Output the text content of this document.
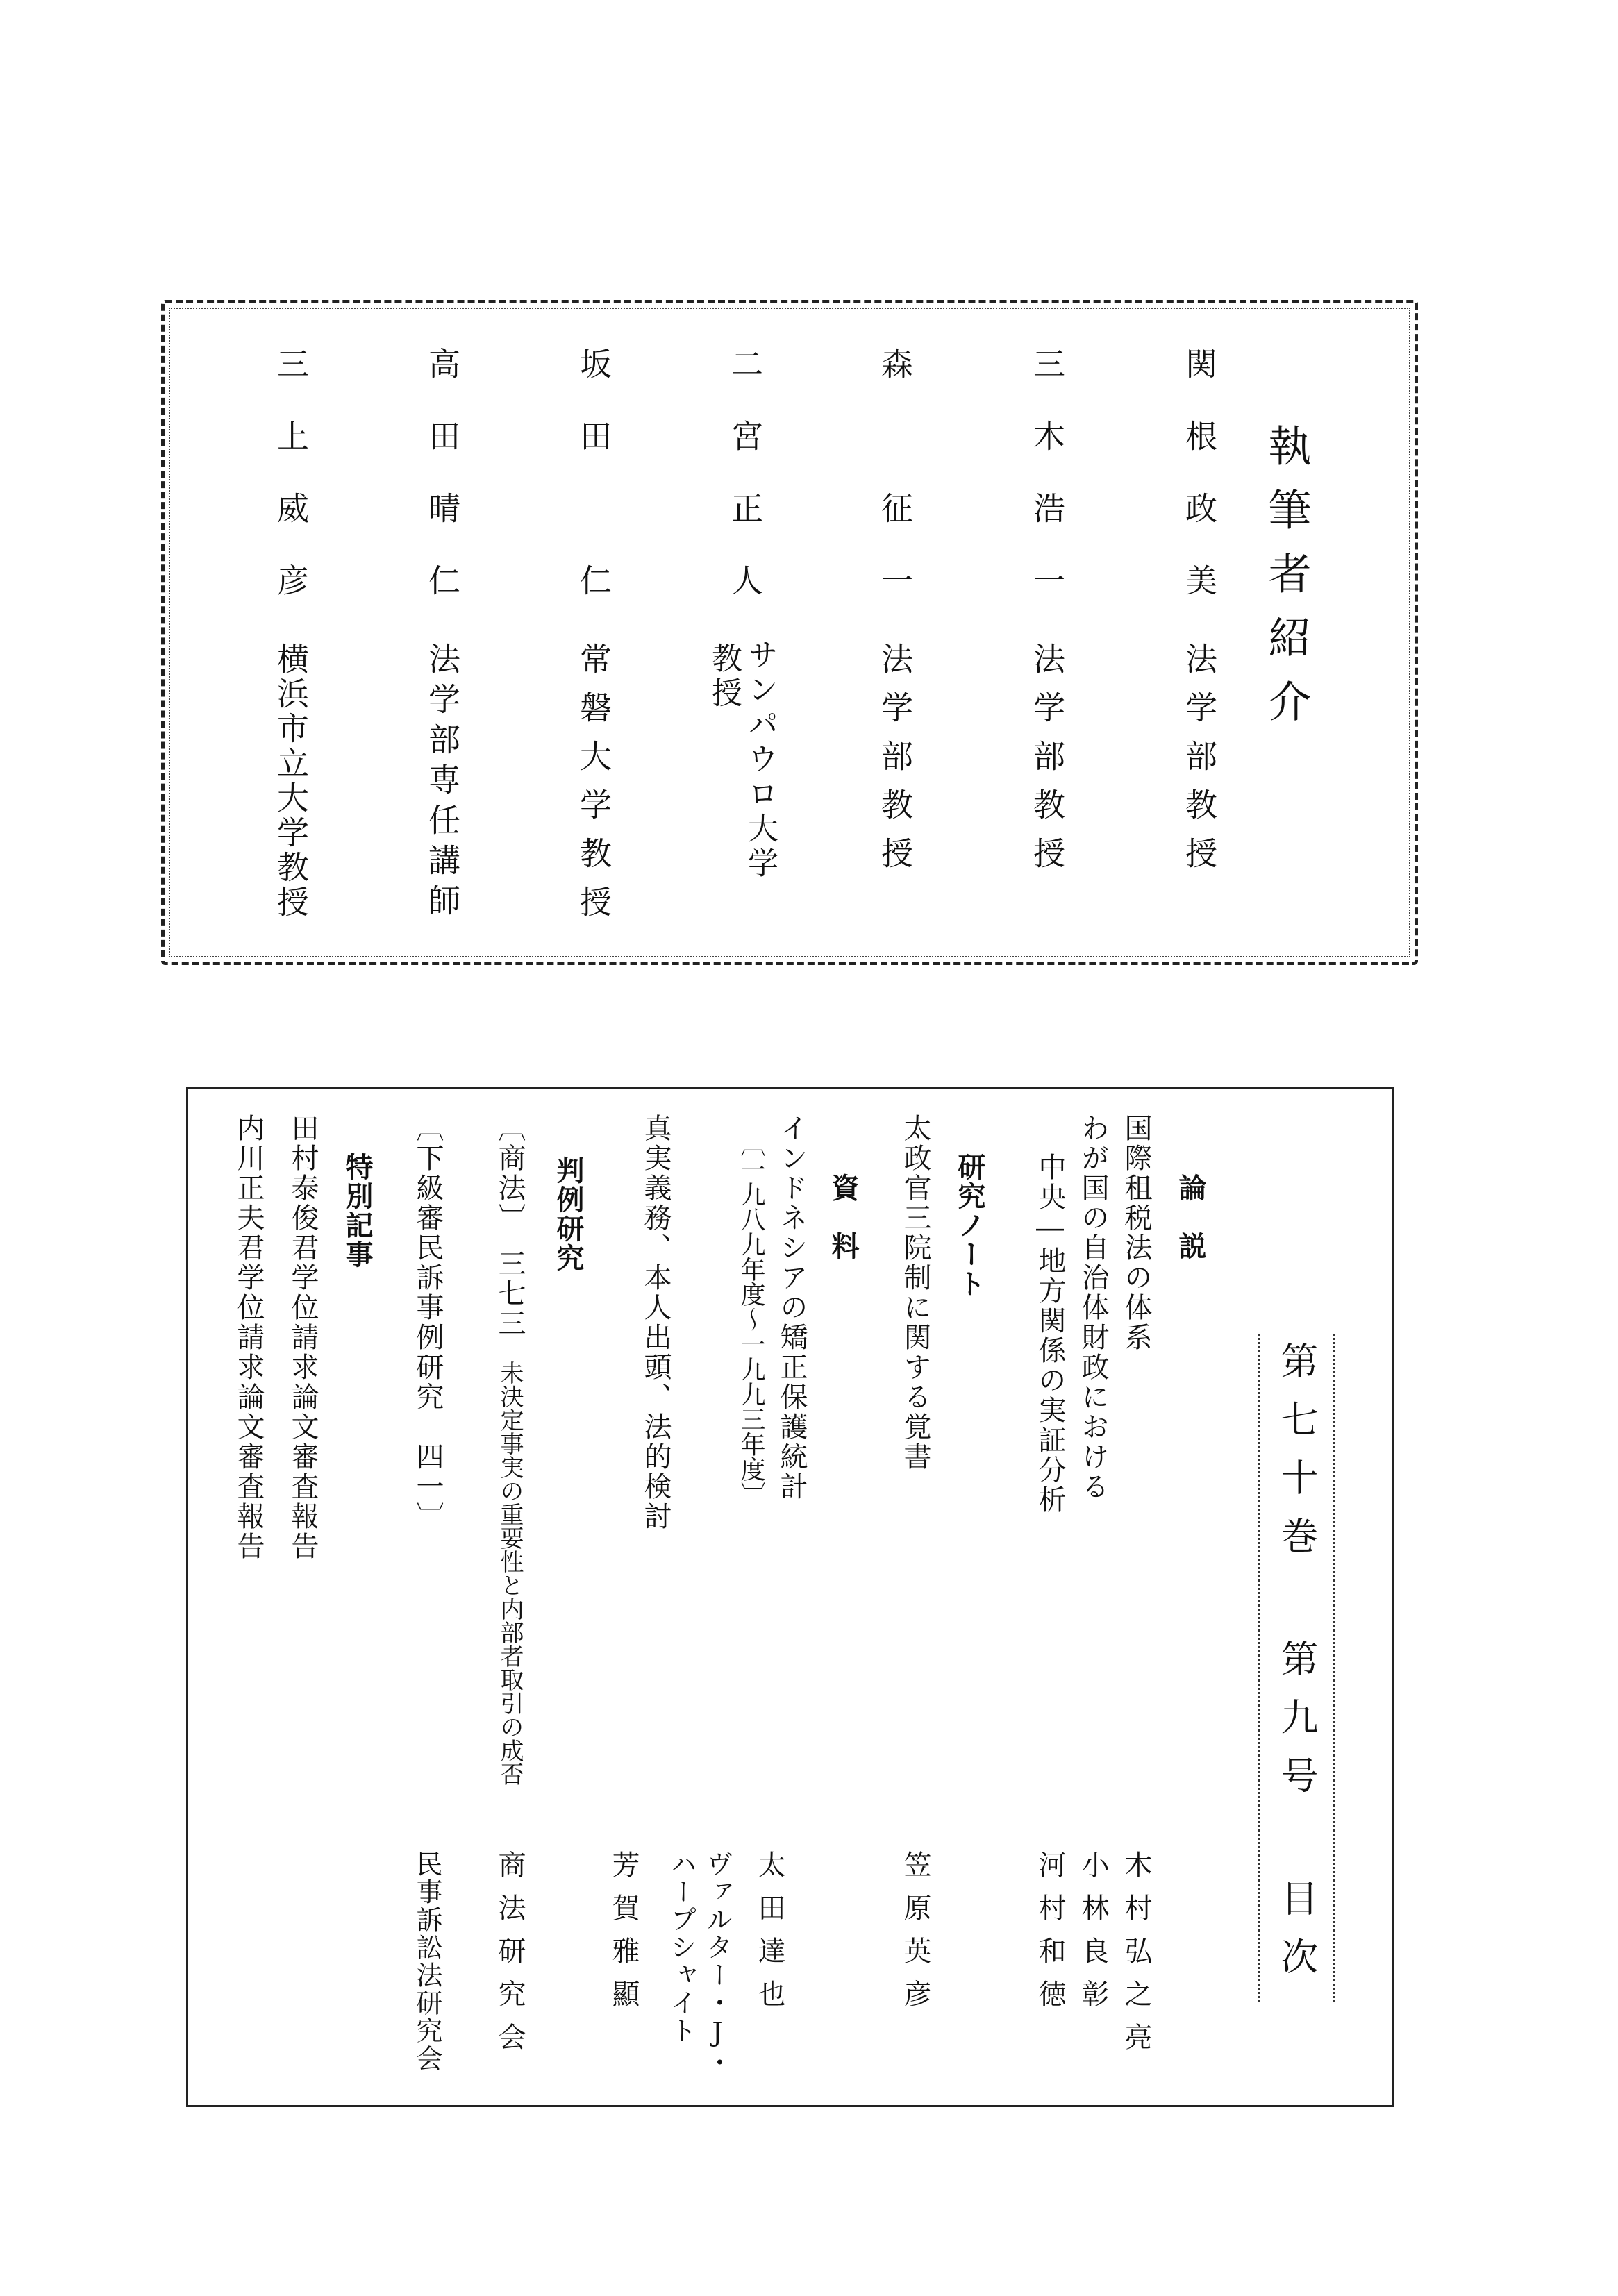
執筆者紹介
関根政美
法学部教授
三木浩一
法学部教授
森　征一
法学部教授
二宮正人
サンパウロ大学
教授
坂田　仁
常磐大学教授
高田晴仁
法学部専任講師
三上威彦
横浜市立大学教授
第七十巻 第九号 目次
論　説
国際租税法の体系
わが国の自治体財政における
中央―地方関係の実証分析
木村弘之亮
小林良彰
河村和徳
研究ノート
太政官三院制に関する覚書
笠原英彦
資　料
インドネシアの矯正保護統計
〔一九八九年度～一九九三年度〕
真実義務、本人出頭、法的検討
太田達也
ヴァルター・J・
ハープシャイト
芳賀雅顯
判例研究
〔商法〕　三七三
未決定事実の重要性と内部者取引の成否
商法研究会
〔下級審民訴事例研究　四一〕
民事訴訟法研究会
特別記事
田村泰俊君学位請求論文審査報告
内川正夫君学位請求論文審査報告
